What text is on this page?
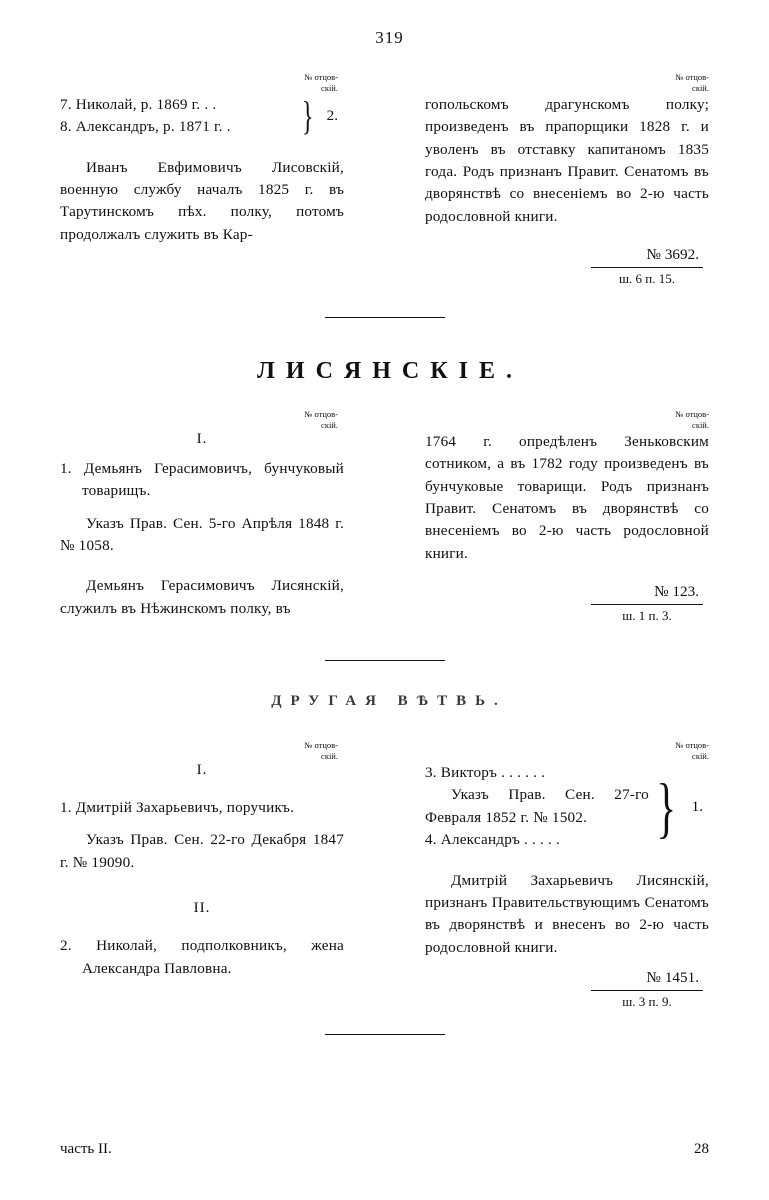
319
№ отцов-
скій.

7. Николай, р. 1869 г. . .

8. Александръ, р. 1871 г. .	} 2.

Иванъ Евфимовичъ Лисовскій, военную службу началъ 1825 г. въ Тарутинскомъ пѣх. полку, потомъ продолжалъ служить въ Кар-

№ отцов-
скій.

гопольскомъ драгунскомъ полку; произведенъ въ прапорщики 1828 г. и уволенъ въ отставку капитаномъ 1835 года. Родъ признанъ Правит. Сенатомъ въ дворянствѣ со внесеніемъ во 2-ю часть родословной книги.

№ 3692.

ш. 6 п. 15.
ЛИСЯНСКІЕ.
№ отцов-
скій.

I.

1. Демьянъ Герасимовичъ, бунчуковый товарищъ.

Указъ Прав. Сен. 5-го Апрѣля 1848 г. № 1058.

Демьянъ Герасимовичъ Лисянскій, служилъ въ Нѣжинскомъ полку, въ

№ отцов-
скій.

1764 г. опредѣленъ Зеньковским сотником, а въ 1782 году произведенъ въ бунчуковые товарищи. Родъ признанъ Правит. Сенатомъ въ дворянствѣ со внесеніемъ во 2-ю часть родословной книги.

№ 123.

ш. 1 п. 3.
ДРУГАЯ ВѢТВЬ.
№ отцов-
скій.

I.

1. Дмитрій Захарьевичъ, поручикъ.

Указъ Прав. Сен. 22-го Декабря 1847 г. № 19090.

II.

2. Николай, подполковникъ, жена Александра Павловна.

№ отцов-
скій.

3. Викторъ . . . . . .

Указъ Прав. Сен. 27-го Февраля 1852 г. № 1502.

4. Александръ . . . . .	}	1.

Дмитрій Захарьевичъ Лисянскій, признанъ Правительствующимъ Сенатомъ въ дворянствѣ и внесенъ во 2-ю часть родословной книги.

№ 1451.

ш. 3 п. 9.
часть II.	28
